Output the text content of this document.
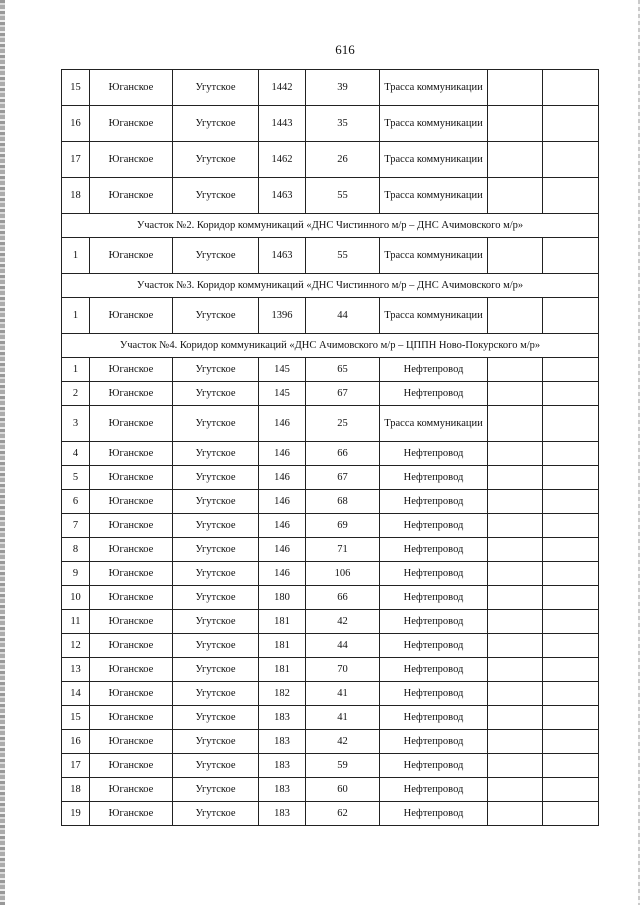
616
15	Юганское	Угутское	1442	39	Трасса коммуникации		
16	Юганское	Угутское	1443	35	Трасса коммуникации		
17	Юганское	Угутское	1462	26	Трасса коммуникации		
18	Юганское	Угутское	1463	55	Трасса коммуникации		
Участок №2. Коридор коммуникаций «ДНС Чистинного м/р – ДНС Ачимовского м/р»							
1	Юганское	Угутское	1463	55	Трасса коммуникации		
Участок №3. Коридор коммуникаций «ДНС Чистинного м/р – ДНС Ачимовского м/р»							
1	Юганское	Угутское	1396	44	Трасса коммуникации		
Участок №4. Коридор коммуникаций «ДНС Ачимовского м/р – ЦППН Ново-Покурского м/р»							
1	Юганское	Угутское	145	65	Нефтепровод		
2	Юганское	Угутское	145	67	Нефтепровод		
3	Юганское	Угутское	146	25	Трасса коммуникации		
4	Юганское	Угутское	146	66	Нефтепровод		
5	Юганское	Угутское	146	67	Нефтепровод		
6	Юганское	Угутское	146	68	Нефтепровод		
7	Юганское	Угутское	146	69	Нефтепровод		
8	Юганское	Угутское	146	71	Нефтепровод		
9	Юганское	Угутское	146	106	Нефтепровод		
10	Юганское	Угутское	180	66	Нефтепровод		
11	Юганское	Угутское	181	42	Нефтепровод		
12	Юганское	Угутское	181	44	Нефтепровод		
13	Юганское	Угутское	181	70	Нефтепровод		
14	Юганское	Угутское	182	41	Нефтепровод		
15	Юганское	Угутское	183	41	Нефтепровод		
16	Юганское	Угутское	183	42	Нефтепровод		
17	Юганское	Угутское	183	59	Нефтепровод		
18	Юганское	Угутское	183	60	Нефтепровод		
19	Юганское	Угутское	183	62	Нефтепровод		
